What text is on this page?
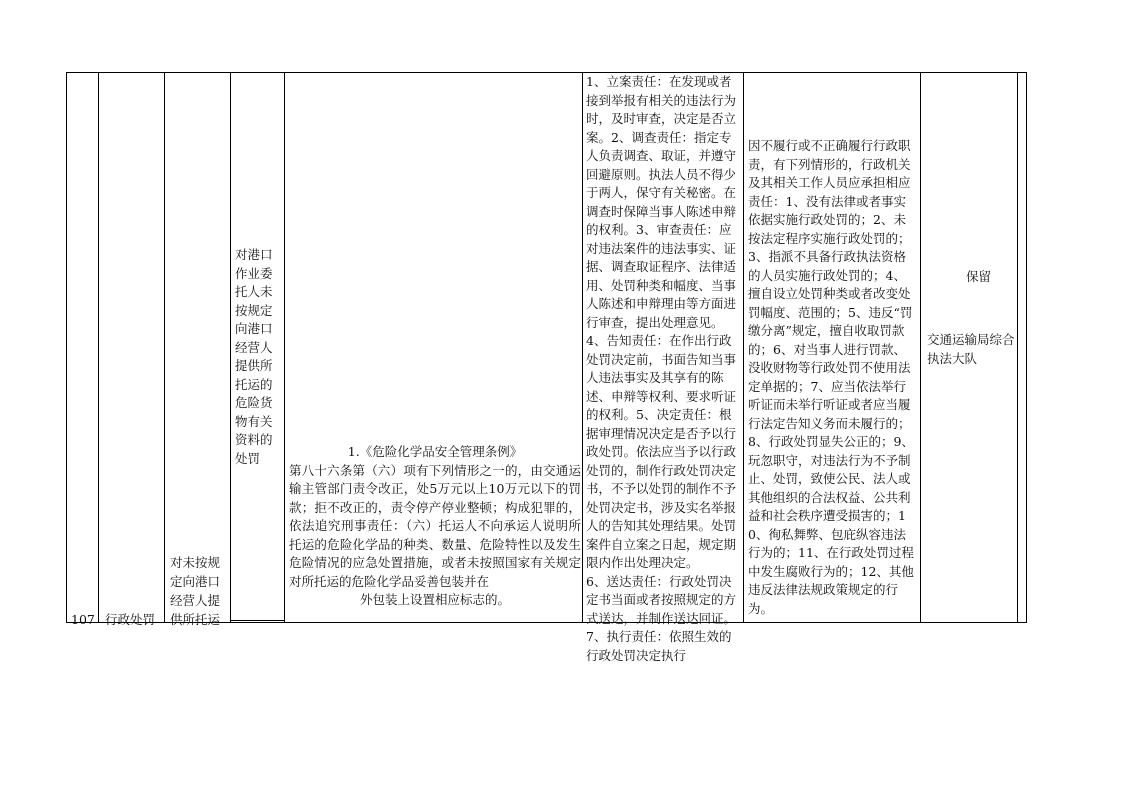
107 行政处罚
对未按规定向港口经营人提供所托运
对港口作业委托人未按规定向港口经营人提供所托运的危险货物有关资料的处罚	1.《危险化学品安全管理条例》
第八十六条第（六）项有下列情形之一的，由交通运输主管部门责令改正，处5万元以上10万元以下的罚款；拒不改正的，责令停产停业整顿；构成犯罪的，依法追究刑事责任：（六）托运人不向承运人说明所托运的危险化学品的种类、数量、危险特性以及发生危险情况的应急处置措施，或者未按照国家有关规定对所托运的危险化学品妥善包装并在
外包装上设置相应标志的。
1、立案责任：在发现或者接到举报有相关的违法行为时，及时审查，决定是否立案。2、调查责任：指定专人负责调查、取证，并遵守回避原则。执法人员不得少于两人，保守有关秘密。在调查时保障当事人陈述申辩的权利。3、审查责任：应对违法案件的违法事实、证据、调查取证程序、法律适用、处罚种类和幅度、当事人陈述和申辩理由等方面进行审查，提出处理意见。4、告知责任：在作出行政处罚决定前，书面告知当事人违法事实及其享有的陈述、申辩等权利、要求听证的权利。5、决定责任：根据审理情况决定是否予以行政处罚。依法应当予以行政处罚的，制作行政处罚决定书，不予以处罚的制作不予处罚决定书，涉及实名举报人的告知其处理结果。处罚案件自立案之日起，规定期限内作出处理决定。
6、送达责任：行政处罚决定书当面或者按照规定的方式送达，并制作送达回证。7、执行责任：依照生效的行政处罚决定执行
因不履行或不正确履行行政职责，有下列情形的，行政机关及其相关工作人员应承担相应责任：1、没有法律或者事实依据实施行政处罚的；2、未按法定程序实施行政处罚的；3、指派不具备行政执法资格的人员实施行政处罚的；4、擅自设立处罚种类或者改变处罚幅度、范围的；5、违反“罚缴分离”规定，擅自收取罚款的；6、对当事人进行罚款、没收财物等行政处罚不使用法定单据的；7、应当依法举行听证而未举行听证或者应当履行法定告知义务而未履行的；8、行政处罚显失公正的；9、玩忽职守，对违法行为不予制止、处罚，致使公民、法人或其他组织的合法权益、公共利益和社会秩序遭受损害的；10、徇私舞弊、包庇纵容违法行为的；11、在行政处罚过程中发生腐败行为的；12、其他违反法律法规政策规定的行为。
交通运输局综合执法大队
保留
